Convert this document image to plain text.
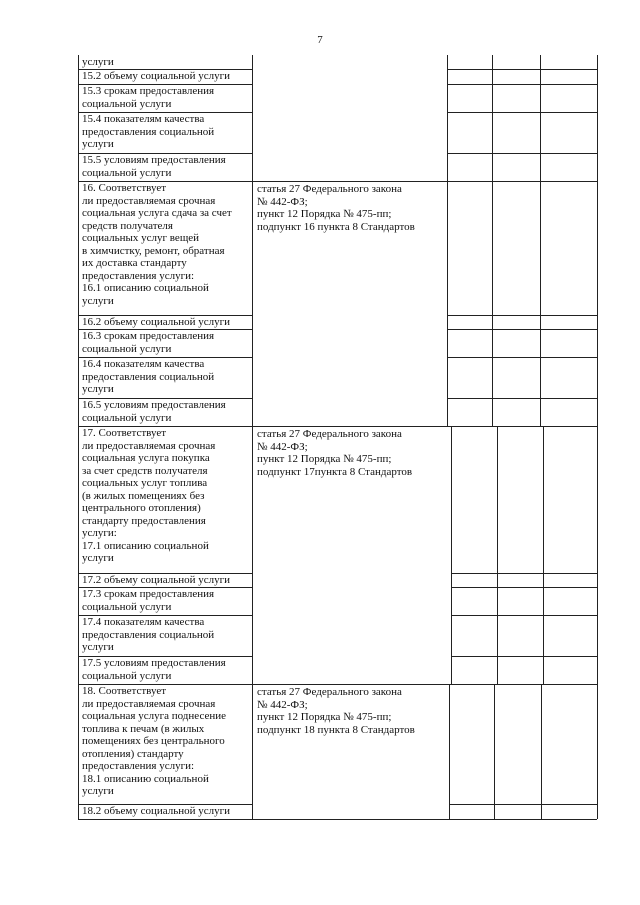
7
услуги
15.2 объему социальной услуги
15.3 срокам предоставления
социальной услуги
15.4 показателям качества
предоставления социальной
услуги
15.5 условиям предоставления
социальной услуги
16. Соответствует
ли предоставляемая срочная
социальная услуга сдача за счет
средств получателя
социальных услуг вещей
в химчистку, ремонт, обратная
их доставка стандарту
предоставления услуги:
16.1 описанию социальной
услуги
16.2 объему социальной услуги
16.3 срокам предоставления
социальной услуги
16.4 показателям качества
предоставления социальной
услуги
16.5 условиям предоставления
социальной услуги
17. Соответствует
ли предоставляемая срочная
социальная услуга покупка
за счет средств получателя
социальных услуг топлива
(в жилых помещениях без
центрального отопления)
стандарту предоставления
услуги:
17.1 описанию социальной
услуги
17.2 объему социальной услуги
17.3 срокам предоставления
социальной услуги
17.4 показателям качества
предоставления социальной
услуги
17.5 условиям предоставления
социальной услуги
18. Соответствует
ли предоставляемая срочная
социальная услуга поднесение
топлива к печам (в жилых
помещениях без центрального
отопления) стандарту
предоставления услуги:
18.1 описанию социальной
услуги
18.2 объему социальной услуги
статья 27 Федерального закона
№ 442-ФЗ;
пункт 12 Порядка № 475-пп;
подпункт 16 пункта 8 Стандартов
статья 27 Федерального закона
№ 442-ФЗ;
пункт 12 Порядка № 475-пп;
подпункт 17пункта 8 Стандартов
статья 27 Федерального закона
№ 442-ФЗ;
пункт 12 Порядка № 475-пп;
подпункт 18 пункта 8 Стандартов
